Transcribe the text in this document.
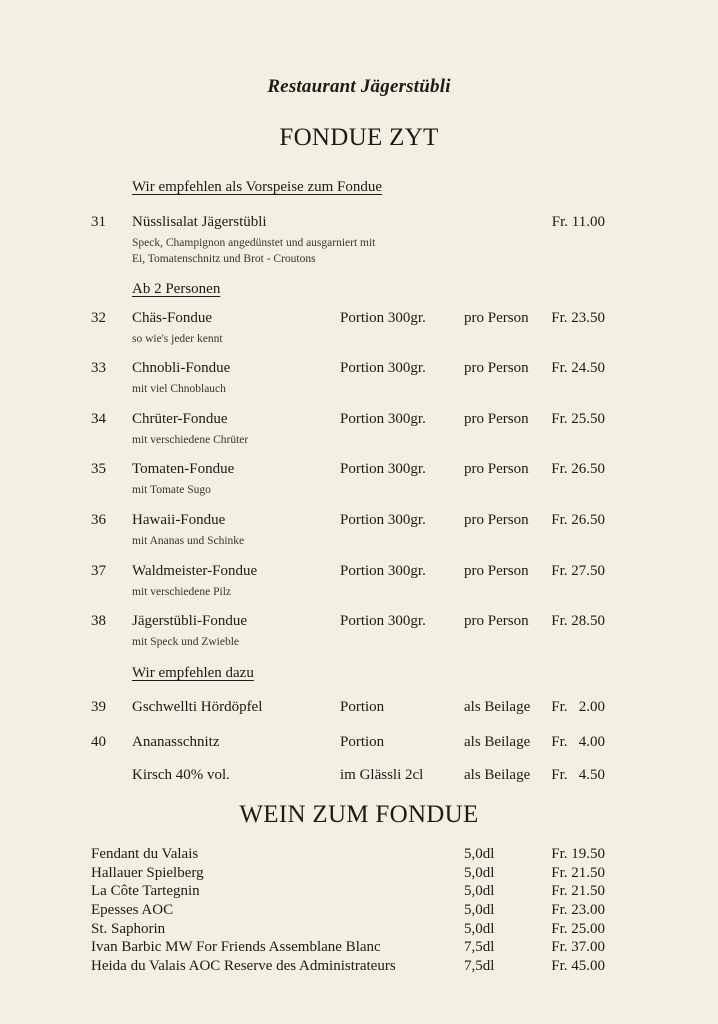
Restaurant Jägerstübli
FONDUE ZYT
Wir empfehlen als Vorspeise zum Fondue
31 Nüsslisalat Jägerstübli	Fr. 11.00
Speck, Champignon angedünstet und ausgarniert mit
Ei, Tomatenschnitz und Brot - Croutons
Ab 2 Personen
32 Chäs-Fondue	Portion 300gr.	pro Person Fr. 23.50
so wie's jeder kennt
33 Chnobli-Fondue	Portion 300gr.	pro Person Fr. 24.50
mit viel Chnoblauch
34 Chrüter-Fondue	Portion 300gr.	pro Person Fr. 25.50
mit verschiedene Chrüter
35 Tomaten-Fondue	Portion 300gr.	pro Person Fr. 26.50
mit Tomate Sugo
36 Hawaii-Fondue	Portion 300gr.	pro Person Fr. 26.50
mit Ananas und Schinke
37 Waldmeister-Fondue	Portion 300gr.	pro Person Fr. 27.50
mit verschiedene Pilz
38 Jägerstübli-Fondue	Portion 300gr.	pro Person Fr. 28.50
mit Speck und Zwieble
Wir empfehlen dazu
39 Gschwellti Hördöpfel	Portion	als Beilage Fr.   2.00
40 Ananasschnitz	Portion	als Beilage Fr.   4.00
Kirsch 40% vol.	im Glässli 2cl	als Beilage Fr.   4.50
WEIN ZUM FONDUE
Fendant du Valais	5,0dl	Fr. 19.50
Hallauer Spielberg	5,0dl	Fr. 21.50
La Côte Tartegnin	5,0dl	Fr. 21.50
Epesses AOC	5,0dl	Fr. 23.00
St. Saphorin	5,0dl	Fr. 25.00
Ivan Barbic MW For Friends Assemblane Blanc	7,5dl	Fr. 37.00
Heida du Valais AOC Reserve des Administrateurs	7,5dl	Fr. 45.00
